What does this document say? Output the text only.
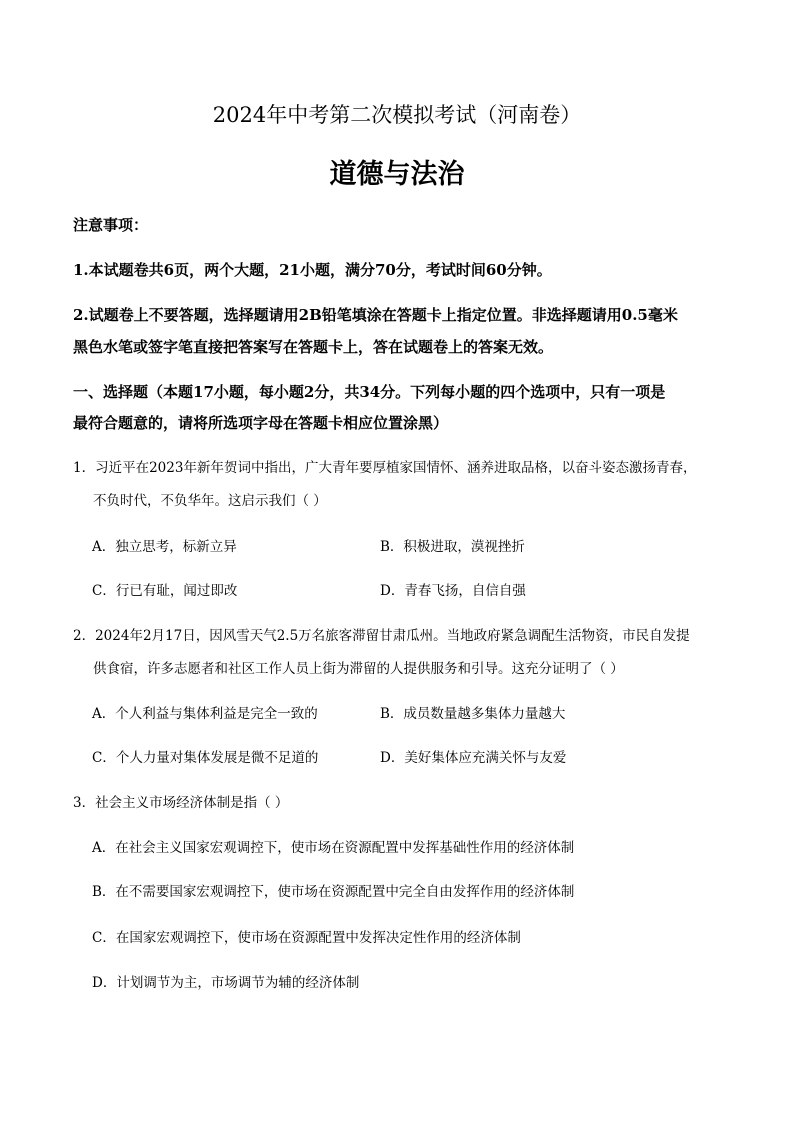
2024年中考第二次模拟考试（河南卷）
道德与法治
注意事项：
1.本试题卷共6页，两个大题，21小题，满分70分，考试时间60分钟。
2.试题卷上不要答题，选择题请用2B铅笔填涂在答题卡上指定位置。非选择题请用0.5毫米
黑色水笔或签字笔直接把答案写在答题卡上，答在试题卷上的答案无效。
一、选择题（本题17小题，每小题2分，共34分。下列每小题的四个选项中，只有一项是
最符合题意的，请将所选项字母在答题卡相应位置涂黑）
1．习近平在2023年新年贺词中指出，广大青年要厚植家国情怀、涵养进取品格，以奋斗姿态激扬青春，
不负时代，不负华年。这启示我们（ ）
A．独立思考，标新立异	B．积极进取，漠视挫折
C．行已有耻，闻过即改	D．青春飞扬，自信自强
2．2024年2月17日，因风雪天气2.5万名旅客滞留甘肃瓜州。当地政府紧急调配生活物资，市民自发提
供食宿，许多志愿者和社区工作人员上街为滞留的人提供服务和引导。这充分证明了（ ）
A．个人利益与集体利益是完全一致的	B．成员数量越多集体力量越大
C．个人力量对集体发展是微不足道的	D．美好集体应充满关怀与友爱
3．社会主义市场经济体制是指（ ）
A．在社会主义国家宏观调控下，使市场在资源配置中发挥基础性作用的经济体制
B．在不需要国家宏观调控下，使市场在资源配置中完全自由发挥作用的经济体制
C．在国家宏观调控下，使市场在资源配置中发挥决定性作用的经济体制
D．计划调节为主，市场调节为辅的经济体制
